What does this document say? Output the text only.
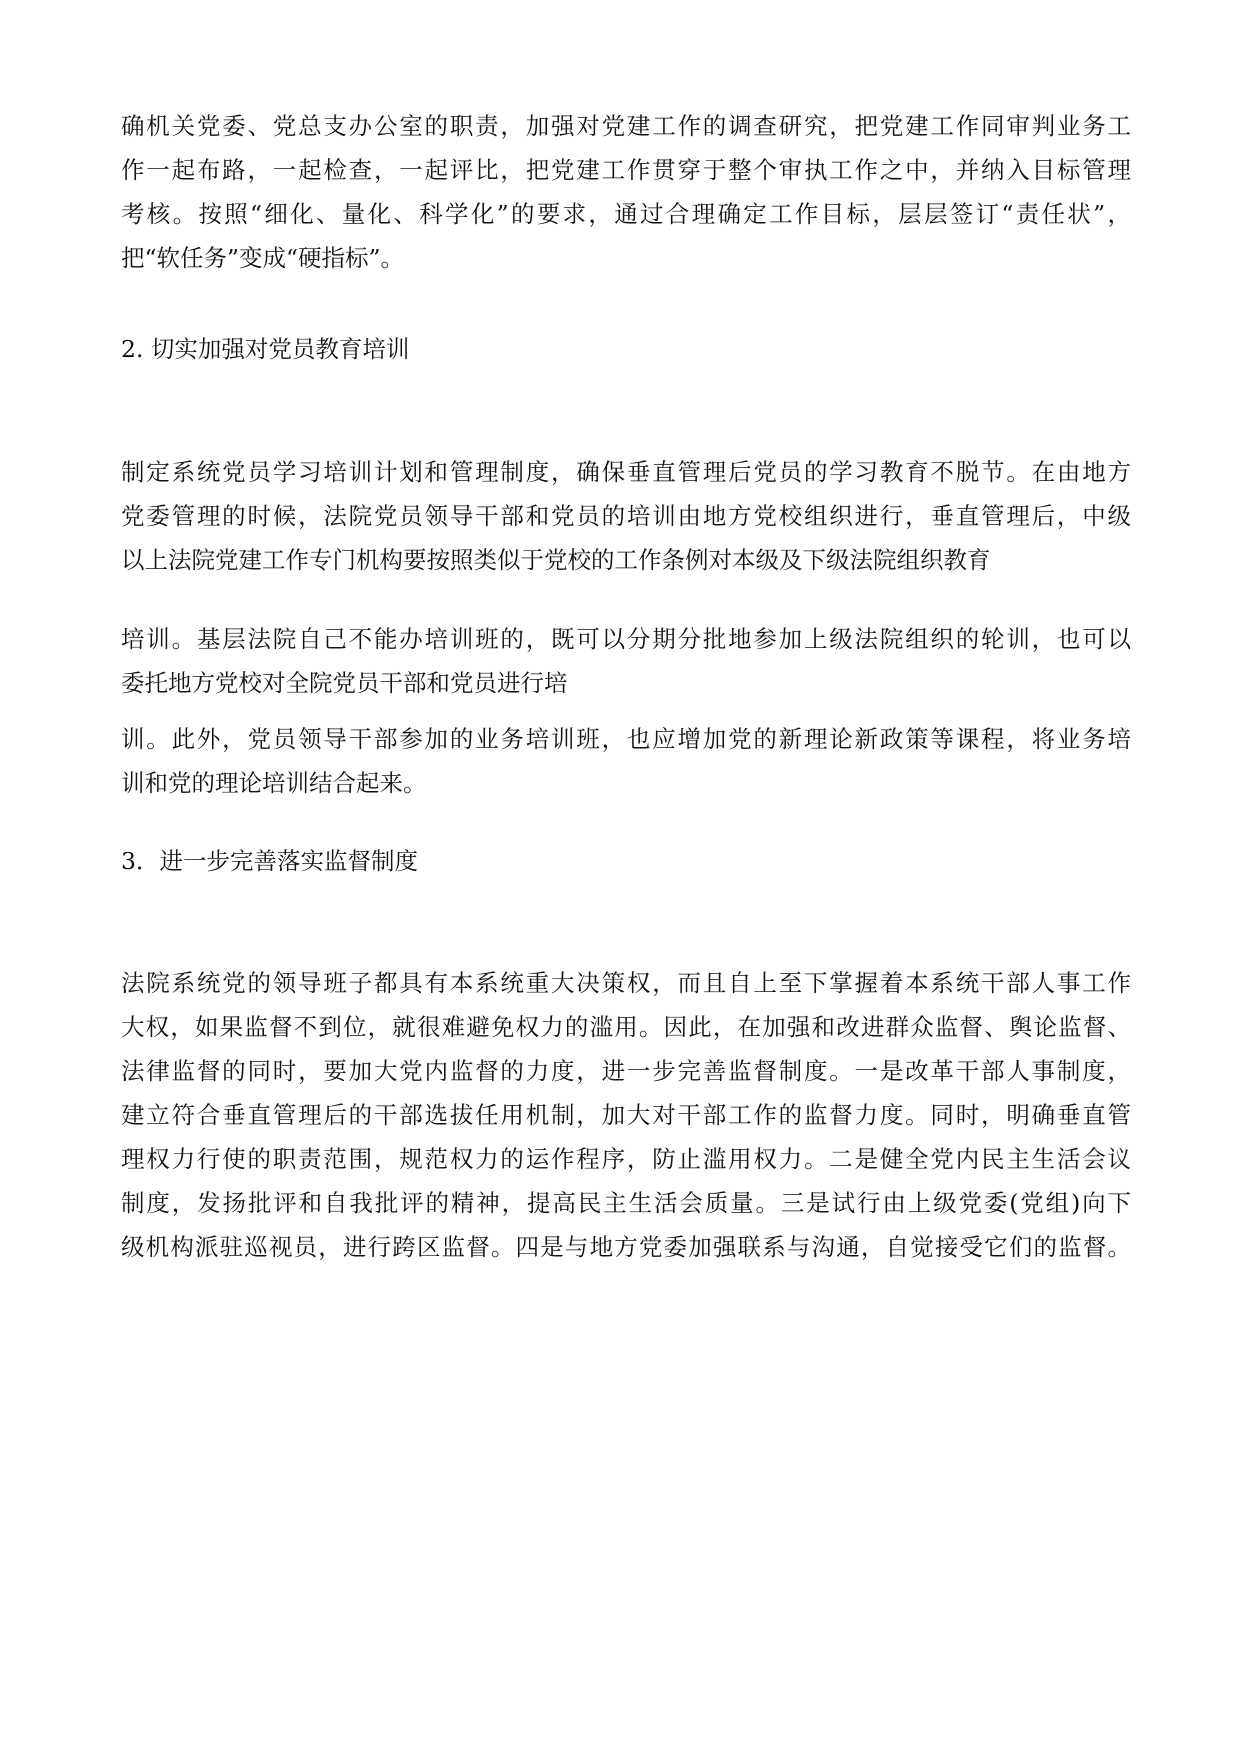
确机关党委、党总支办公室的职责，加强对党建工作的调查研究，把党建工作同审判业务工
作一起布路，一起检查，一起评比，把党建工作贯穿于整个审执工作之中，并纳入目标管理
考核。按照“细化、量化、科学化”的要求，通过合理确定工作目标，层层签订“责任状”，
把“软任务”变成“硬指标”。
2. 切实加强对党员教育培训
制定系统党员学习培训计划和管理制度，确保垂直管理后党员的学习教育不脱节。在由地方
党委管理的时候，法院党员领导干部和党员的培训由地方党校组织进行，垂直管理后，中级
以上法院党建工作专门机构要按照类似于党校的工作条例对本级及下级法院组织教育
培训。基层法院自己不能办培训班的，既可以分期分批地参加上级法院组织的轮训，也可以
委托地方党校对全院党员干部和党员进行培
训。此外，党员领导干部参加的业务培训班，也应增加党的新理论新政策等课程，将业务培
训和党的理论培训结合起来。
3．进一步完善落实监督制度
法院系统党的领导班子都具有本系统重大决策权，而且自上至下掌握着本系统干部人事工作
大权，如果监督不到位，就很难避免权力的滥用。因此，在加强和改进群众监督、舆论监督、
法律监督的同时，要加大党内监督的力度，进一步完善监督制度。一是改革干部人事制度，
建立符合垂直管理后的干部选拔任用机制，加大对干部工作的监督力度。同时，明确垂直管
理权力行使的职责范围，规范权力的运作程序，防止滥用权力。二是健全党内民主生活会议
制度，发扬批评和自我批评的精神，提高民主生活会质量。三是试行由上级党委(党组)向下
级机构派驻巡视员，进行跨区监督。四是与地方党委加强联系与沟通，自觉接受它们的监督。
